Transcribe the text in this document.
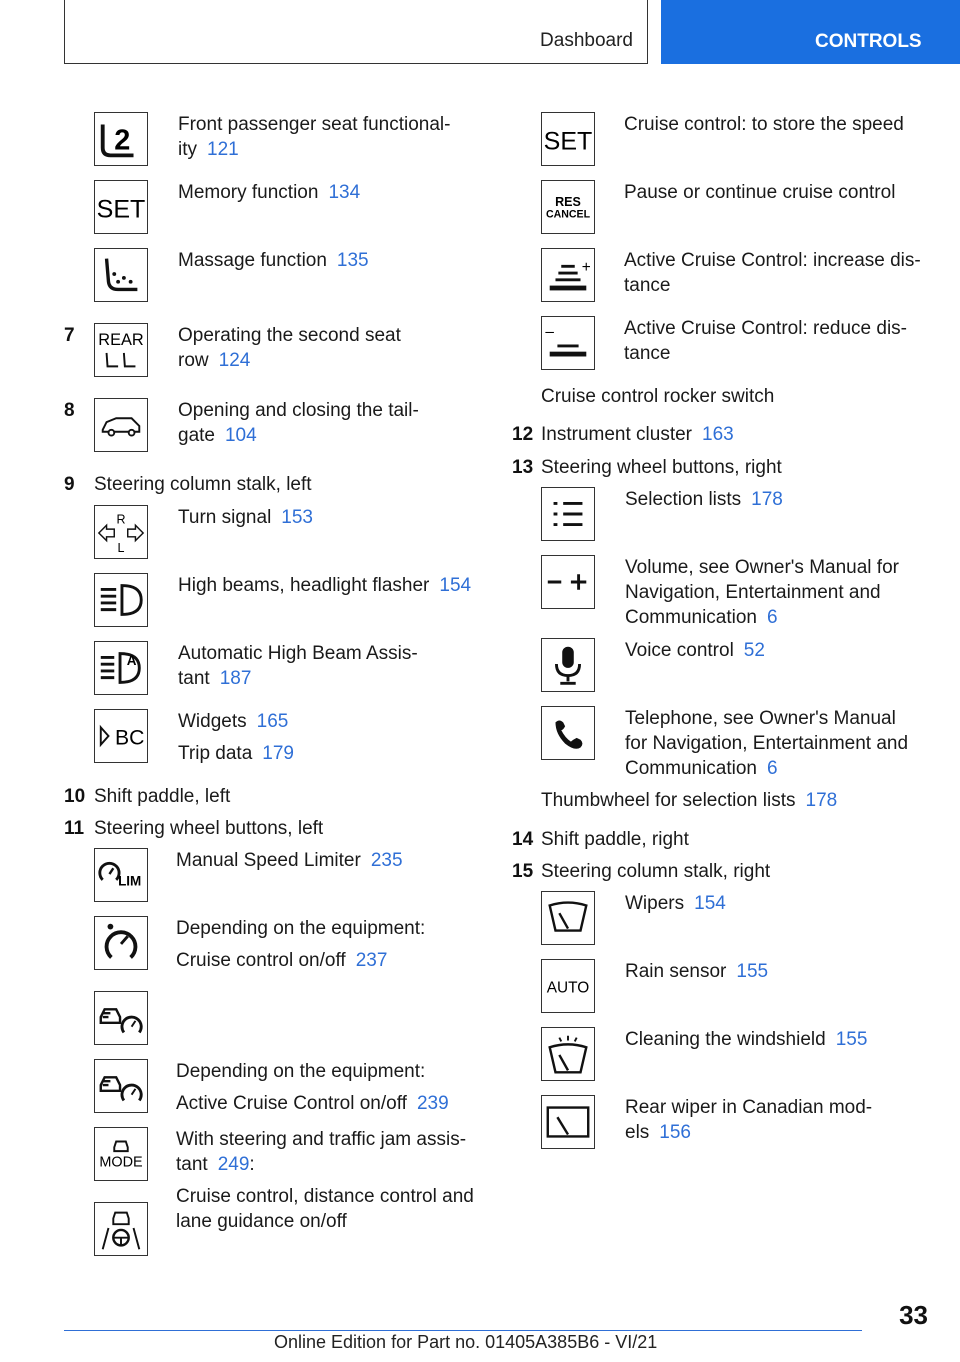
Dashboard	CONTROLS
2
Front passenger seat functional‑
ity 121
SET
Memory function 134
Massage function 135
7 REAR Operating the second seat
row 124
8	Opening and closing the tail‑
gate 104
9 Steering column stalk, left
R
L
Turn signal 153
High beams, headlight flasher 154
A Automatic High Beam Assis‑
tant 187
BC
Widgets 165
Trip data 179
10 Shift paddle, left
11 Steering wheel buttons, left
LIM
Manual Speed Limiter 235
Depending on the equipment:
Cruise control on/off 237
Depending on the equipment:
Active Cruise Control on/off 239
MODE
With steering and traffic jam assis‑
tant 249:
Cruise control, distance control and
lane guidance on/off
SET
Cruise control: to store the speed
RES
CANCEL
Pause or continue cruise control
+ Active Cruise Control: increase dis‑
tance
–	Active Cruise Control: reduce dis‑
tance
Cruise control rocker switch
12 Instrument cluster 163
13 Steering wheel buttons, right
Selection lists 178
Volume, see Owner's Manual for
Navigation, Entertainment and
Communication 6
Voice control 52
Telephone, see Owner's Manual
for Navigation, Entertainment and
Communication 6
Thumbwheel for selection lists 178
14 Shift paddle, right
15 Steering column stalk, right
Wipers 154
AUTO
Rain sensor 155
Cleaning the windshield 155
Rear wiper in Canadian mod‑
els 156
33
Online Edition for Part no. 01405A385B6 - VI/21
